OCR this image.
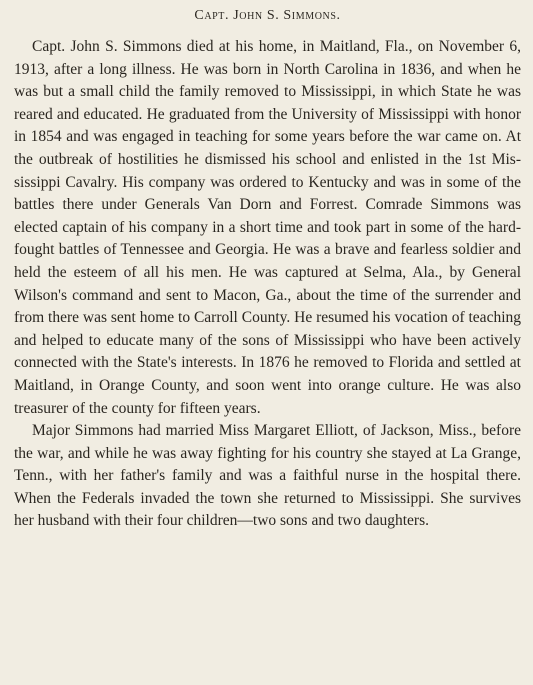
Capt. John S. Simmons.

Capt. John S. Simmons died at his home, in Maitland, Fla., on November 6, 1913, after a long illness. He was born in North Carolina in 1836, and when he was but a small child the family removed to Mississippi, in which State he was reared and educated. He graduated from the University of Mississippi with honor in 1854 and was engaged in teaching for some years before the war came on. At the outbreak of hostilities he dismissed his school and enlisted in the 1st Mississippi Cavalry. His company was ordered to Kentucky and was in some of the battles there under Generals Van Dorn and Forrest. Comrade Simmons was elected captain of his company in a short time and took part in some of the hard-fought battles of Tennessee and Georgia. He was a brave and fearless soldier and held the esteem of all his men. He was captured at Selma, Ala., by General Wilson's command and sent to Macon, Ga., about the time of the surrender and from there was sent home to Carroll County. He resumed his vocation of teaching and helped to educate many of the sons of Mississippi who have been actively connected with the State's interests. In 1876 he removed to Florida and settled at Maitland, in Orange County, and soon went into orange culture. He was also treasurer of the county for fifteen years.

Major Simmons had married Miss Margaret Elliott, of Jackson, Miss., before the war, and while he was away fighting for his country she stayed at La Grange, Tenn., with her father's family and was a faithful nurse in the hospital there. When the Federals invaded the town she returned to Mississippi. She survives her husband with their four children—two sons and two daughters.
